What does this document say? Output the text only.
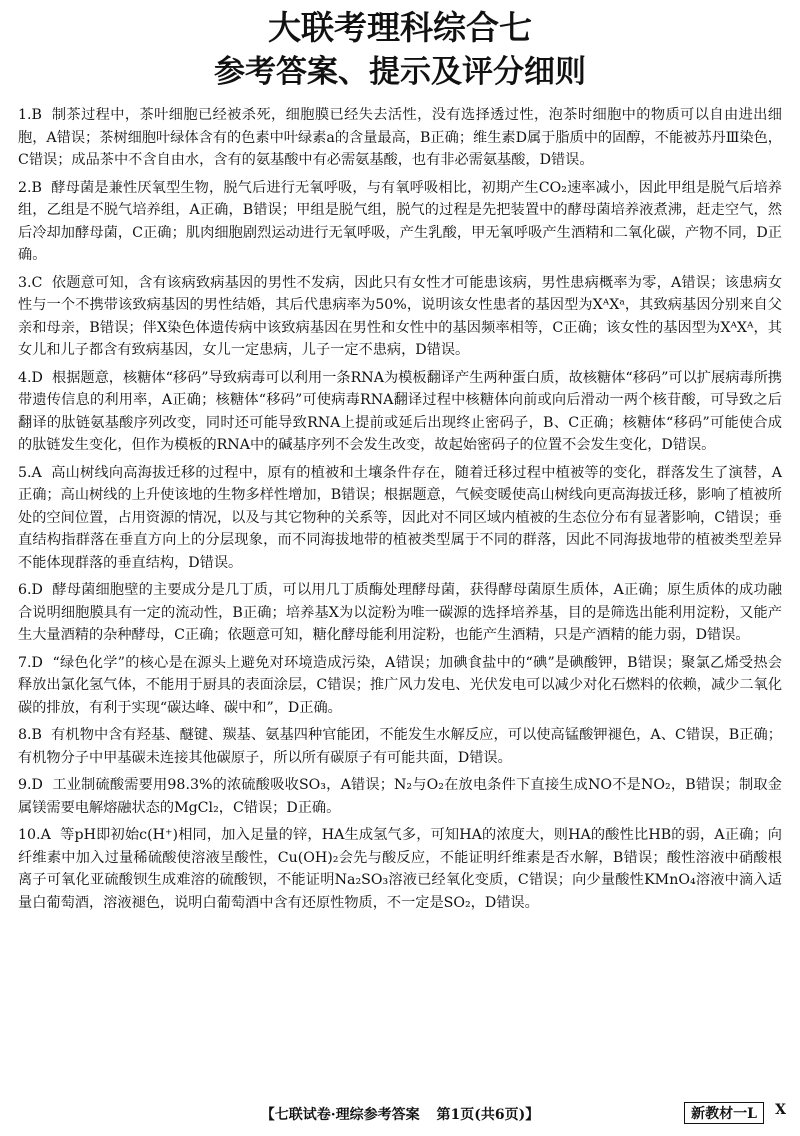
大联考理科综合七
参考答案、提示及评分细则

1.B 制茶过程中，茶叶细胞已经被杀死，细胞膜已经失去活性，没有选择透过性，泡茶时细胞中的物质可以自由进出细胞，A错误；茶树细胞叶绿体含有的色素中叶绿素a的含量最高，B正确；维生素D属于脂质中的固醇，不能被苏丹Ⅲ染色，C错误；成品茶中不含自由水，含有的氨基酸中有必需氨基酸，也有非必需氨基酸，D错误。

2.B 酵母菌是兼性厌氧型生物，脱气后进行无氧呼吸，与有氧呼吸相比，初期产生CO₂速率减小，因此甲组是脱气后培养组，乙组是不脱气培养组，A正确，B错误；甲组是脱气组，脱气的过程是先把装置中的酵母菌培养液煮沸，赶走空气，然后冷却加酵母菌，C正确；肌肉细胞剧烈运动进行无氧呼吸，产生乳酸，甲无氧呼吸产生酒精和二氧化碳，产物不同，D正确。

3.C 依题意可知，含有该病致病基因的男性不发病，因此只有女性才可能患该病，男性患病概率为零，A错误；该患病女性与一个不携带该致病基因的男性结婚，其后代患病率为50%，说明该女性患者的基因型为XᴬXᵃ，其致病基因分别来自父亲和母亲，B错误；伴X染色体遗传病中该致病基因在男性和女性中的基因频率相等，C正确；该女性的基因型为XᴬXᴬ，其女儿和儿子都含有致病基因，女儿一定患病，儿子一定不患病，D错误。

4.D 根据题意，核糖体“移码”导致病毒可以利用一条RNA为模板翻译产生两种蛋白质，故核糖体“移码”可以扩展病毒所携带遗传信息的利用率，A正确；核糖体“移码”可使病毒RNA翻译过程中核糖体向前或向后滑动一两个核苷酸，可导致之后翻译的肽链氨基酸序列改变，同时还可能导致RNA上提前或延后出现终止密码子，B、C正确；核糖体“移码”可能使合成的肽链发生变化，但作为模板的RNA中的碱基序列不会发生改变，故起始密码子的位置不会发生变化，D错误。

5.A 高山树线向高海拔迁移的过程中，原有的植被和土壤条件存在，随着迁移过程中植被等的变化，群落发生了演替，A正确；高山树线的上升使该地的生物多样性增加，B错误；根据题意，气候变暖使高山树线向更高海拔迁移，影响了植被所处的空间位置，占用资源的情况，以及与其它物种的关系等，因此对不同区域内植被的生态位分布有显著影响，C错误；垂直结构指群落在垂直方向上的分层现象，而不同海拔地带的植被类型属于不同的群落，因此不同海拔地带的植被类型差异不能体现群落的垂直结构，D错误。

6.D 酵母菌细胞壁的主要成分是几丁质，可以用几丁质酶处理酵母菌，获得酵母菌原生质体，A正确；原生质体的成功融合说明细胞膜具有一定的流动性，B正确；培养基X为以淀粉为唯一碳源的选择培养基，目的是筛选出能利用淀粉，又能产生大量酒精的杂种酵母，C正确；依题意可知，糖化酵母能利用淀粉，也能产生酒精，只是产酒精的能力弱，D错误。

7.D “绿色化学”的核心是在源头上避免对环境造成污染，A错误；加碘食盐中的“碘”是碘酸钾，B错误；聚氯乙烯受热会释放出氯化氢气体，不能用于厨具的表面涂层，C错误；推广风力发电、光伏发电可以减少对化石燃料的依赖，减少二氧化碳的排放，有利于实现“碳达峰、碳中和”，D正确。

8.B 有机物中含有羟基、醚键、羰基、氨基四种官能团，不能发生水解反应，可以使高锰酸钾褪色，A、C错误，B正确；有机物分子中甲基碳未连接其他碳原子，所以所有碳原子有可能共面，D错误。

9.D 工业制硫酸需要用98.3%的浓硫酸吸收SO₃，A错误；N₂与O₂在放电条件下直接生成NO不是NO₂，B错误；制取金属镁需要电解熔融状态的MgCl₂，C错误；D正确。

10.A 等pH即初始c(H⁺)相同，加入足量的锌，HA生成氢气多，可知HA的浓度大，则HA的酸性比HB的弱，A正确；向纤维素中加入过量稀硫酸使溶液呈酸性，Cu(OH)₂会先与酸反应，不能证明纤维素是否水解，B错误；酸性溶液中硝酸根离子可氧化亚硫酸钡生成难溶的硫酸钡，不能证明Na₂SO₃溶液已经氧化变质，C错误；向少量酸性KMnO₄溶液中滴入适量白葡萄酒，溶液褪色，说明白葡萄酒中含有还原性物质，不一定是SO₂，D错误。

【七联试卷·理综参考答案 第1页(共6页)】	新教材一L	X
